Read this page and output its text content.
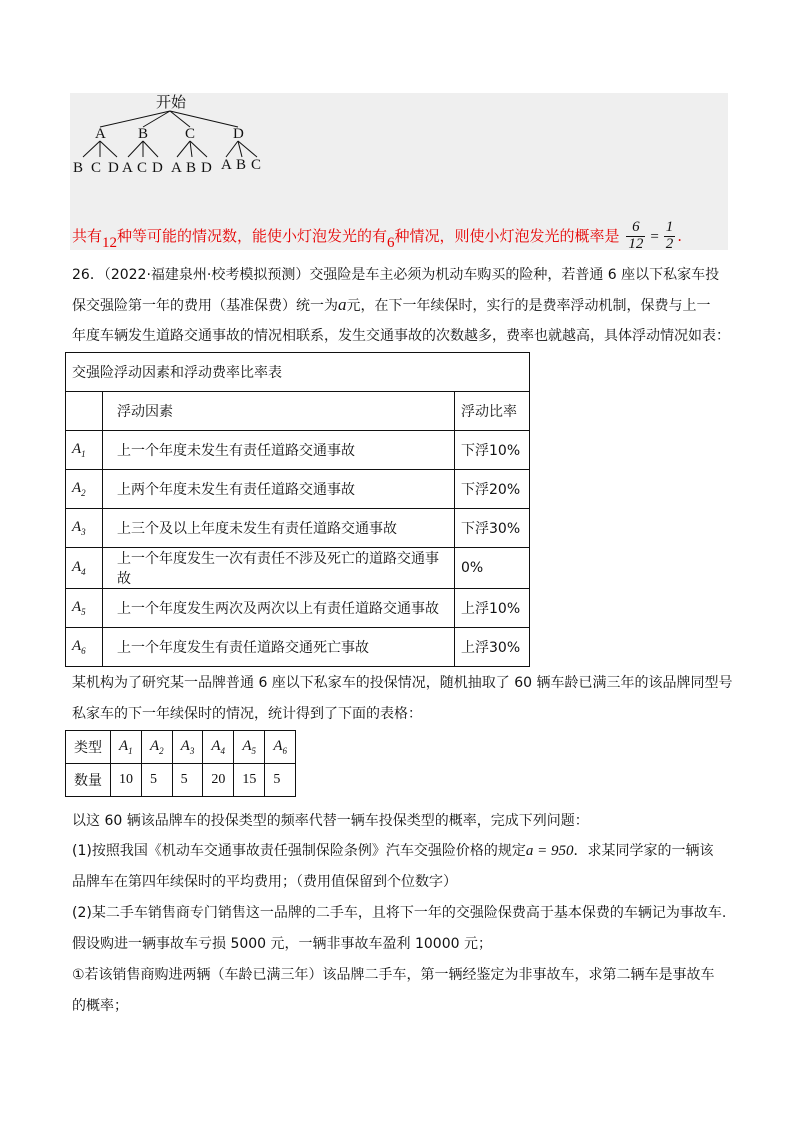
开始
A B C	D
B C D A C D A B D A B C
共有12种等可能的情况数，能使小灯泡发光的有6种情况，则使小灯泡发光的概率是 $\frac{6}{12} = \frac{1}{2}$ .
26．（2022·福建泉州·校考模拟预测）交强险是车主必须为机动车购买的险种，若普通 6 座以下私家车投
保交强险第一年的费用（基准保费）统一为a元，在下一年续保时，实行的是费率浮动机制，保费与上一
年度车辆发生道路交通事故的情况相联系，发生交通事故的次数越多，费率也就越高，具体浮动情况如表：
交强险浮动因素和浮动费率比率表		
	浮动因素	浮动比率
$A_1$	上一个年度未发生有责任道路交通事故	下浮10%
$A_2$	上两个年度未发生有责任道路交通事故	下浮20%
$A_3$	上三个及以上年度未发生有责任道路交通事故	下浮30%
$A_4$	上一个年度发生一次有责任不涉及死亡的道路交通事故	0%
$A_5$	上一个年度发生两次及两次以上有责任道路交通事故	上浮10%
$A_6$	上一个年度发生有责任道路交通死亡事故	上浮30%
某机构为了研究某一品牌普通 6 座以下私家车的投保情况，随机抽取了 60 辆车龄已满三年的该品牌同型号
私家车的下一年续保时的情况，统计得到了下面的表格：
类型	$A_1$	$A_2$	$A_3$	$A_4$	$A_5$	$A_6$
数量	10	5	5	20	15	5
以这 60 辆该品牌车的投保类型的频率代替一辆车投保类型的概率，完成下列问题：
(1)按照我国《机动车交通事故责任强制保险条例》汽车交强险价格的规定a = 950．求某同学家的一辆该
品牌车在第四年续保时的平均费用；（费用值保留到个位数字）
(2)某二手车销售商专门销售这一品牌的二手车，且将下一年的交强险保费高于基本保费的车辆记为事故车.
假设购进一辆事故车亏损 5000 元，一辆非事故车盈利 10000 元；
①若该销售商购进两辆（车龄已满三年）该品牌二手车，第一辆经鉴定为非事故车，求第二辆车是事故车
的概率；
